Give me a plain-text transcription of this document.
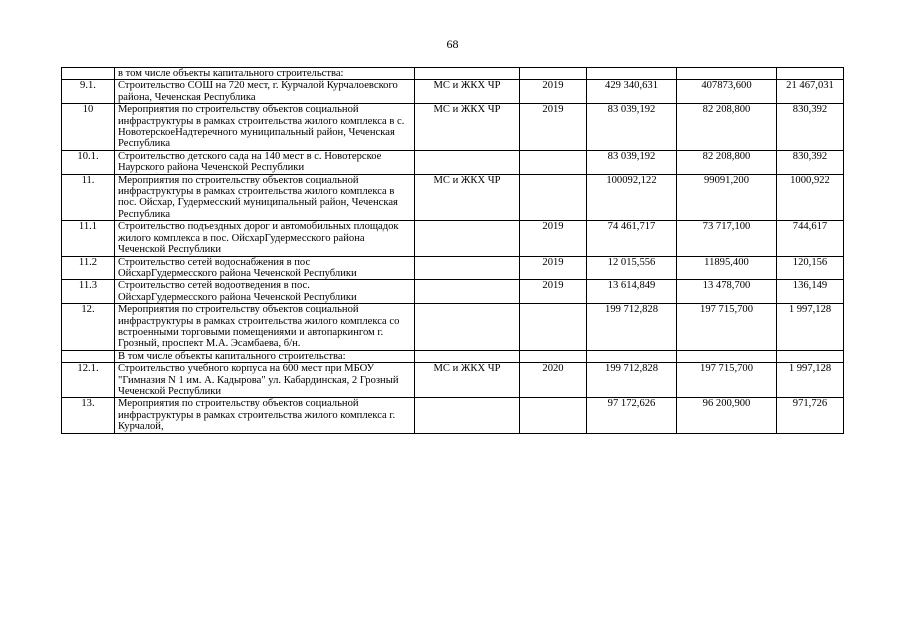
68
	в том числе объекты капитального строительства:					
9.1.	Строительство СОШ на 720 мест, г. Курчалой Курчалоевского района, Чеченская Республика	МС и ЖКХ ЧР	2019	429 340,631	407873,600	21 467,031
10	Мероприятия по строительству объектов социальной инфраструктуры в рамках строительства жилого комплекса в с. НовотерскоеНадтеречного муниципальный район, Чеченская Республика	МС и ЖКХ ЧР	2019	83 039,192	82 208,800	830,392
10.1.	Строительство детского сада на 140 мест в с. Новотерское Наурского района Чеченской Республики			83 039,192	82 208,800	830,392
11.	Мероприятия по строительству объектов социальной инфраструктуры в рамках строительства жилого комплекса в пос. Ойсхар, Гудермесский муниципальный район, Чеченская Республика	МС и ЖКХ ЧР		100092,122	99091,200	1000,922
11.1	Строительство подъездных дорог и автомобильных площадок жилого комплекса в пос. ОйсхарГудермесского района Чеченской Республики		2019	74 461,717	73 717,100	744,617
11.2	Строительство сетей водоснабжения в пос ОйсхарГудермесского района Чеченской Республики		2019	12 015,556	11895,400	120,156
11.3	Строительство сетей водоотведения в пос. ОйсхарГудермесского района Чеченской Республики		2019	13 614,849	13 478,700	136,149
12.	Мероприятия по строительству объектов социальной инфраструктуры в рамках строительства жилого комплекса со встроенными торговыми помещениями и автопаркингом г. Грозный, проспект М.А. Эсамбаева, б/н.			199 712,828	197 715,700	1 997,128
	В том числе объекты капитального строительства:					
12.1.	Строительство учебного корпуса на 600 мест при МБОУ "Гимназия N 1 им. А. Кадырова" ул. Кабардинская, 2 Грозный Чеченской Республики	МС и ЖКХ ЧР	2020	199 712,828	197 715,700	1 997,128
13.	Мероприятия по строительству объектов социальной инфраструктуры в рамках строительства жилого комплекса г. Курчалой,			97 172,626	96 200,900	971,726
